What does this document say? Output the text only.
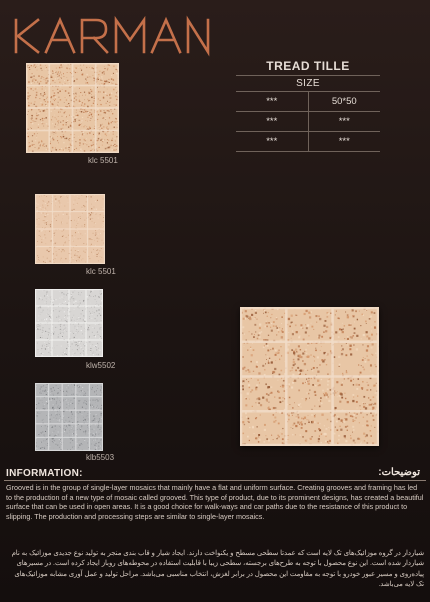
KARMANA
TREAD TILLE
SIZE
***	50*50
***	***
***	***
klc 5501
klc 5501
klw5502
klb5503
INFORMATION:	توضیحات:
Grooved is in the group of single-layer mosaics that mainly have a flat and uniform surface. Creating grooves and framing has led to the production of a new type of mosaic called grooved. This type of product, due to its prominent designs, has created a beautiful surface that can be used in open areas. It is a good choice for walk-ways and car paths due to the resistance of this product to slipping. The production and processing steps are similar to single-layer mosaics.
شیاردار در گروه موزائیک‌های تک لایه است که عمدتا سطحی مسطح و یکنواخت دارند. ایجاد شیار و قاب بندی منجر به تولید نوع جدیدی موزائیک به نام شیاردار شده است. این نوع محصول با توجه به طرح‌های برجسته، سطحی زیبا با قابلیت استفاده در محوطه‌های روباز ایجاد کرده است. در مسیرهای پیاده‌روی و مسیر عبور خودرو با توجه به مقاومت این محصول در برابر لغزش، انتخاب مناسبی می‌باشد. مراحل تولید و عمل آوری مشابه موزائیک‌های تک لایه می‌باشد.
